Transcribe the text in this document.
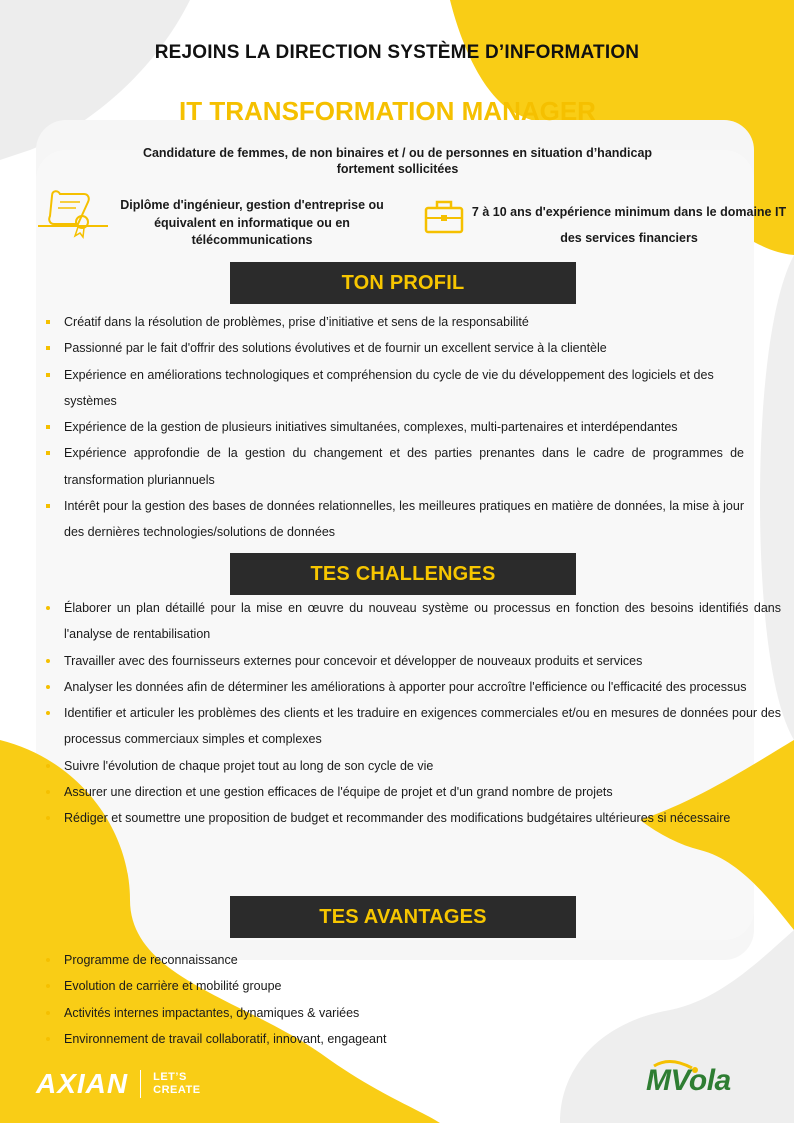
REJOINS LA DIRECTION SYSTÈME D’INFORMATION
IT TRANSFORMATION MANAGER
Candidature de femmes, de non binaires et / ou de personnes en situation d’handicap
fortement sollicitées
Diplôme d'ingénieur, gestion d'entreprise ou
équivalent en informatique ou en
télécommunications
7 à 10 ans d'expérience minimum dans le domaine IT
des services financiers
TON PROFIL
Créatif dans la résolution de problèmes, prise d’initiative et sens de la responsabilité
Passionné par le fait d'offrir des solutions évolutives et de fournir un excellent service à la clientèle
Expérience en améliorations technologiques et compréhension du cycle de vie du développement des logiciels et des systèmes
Expérience de la gestion de plusieurs initiatives simultanées, complexes, multi-partenaires et interdépendantes
Expérience approfondie de la gestion du changement et des parties prenantes dans le cadre de programmes de transformation pluriannuels
Intérêt pour la gestion des bases de données relationnelles, les meilleures pratiques en matière de données, la mise à jour des dernières technologies/solutions de données
TES CHALLENGES
Élaborer un plan détaillé pour la mise en œuvre du nouveau système ou processus en fonction des besoins identifiés dans l'analyse de rentabilisation
Travailler avec des fournisseurs externes pour concevoir et développer de nouveaux produits et services
Analyser les données afin de déterminer les améliorations à apporter pour accroître l'efficience ou l'efficacité des processus
Identifier et articuler les problèmes des clients et les traduire en exigences commerciales et/ou en mesures de données pour des processus commerciaux simples et complexes
Suivre l'évolution de chaque projet tout au long de son cycle de vie
Assurer une direction et une gestion efficaces de l'équipe de projet et d'un grand nombre de projets
Rédiger et soumettre une proposition de budget et recommander des modifications budgétaires ultérieures si nécessaire
TES AVANTAGES
Programme de reconnaissance
Evolution de carrière et mobilité groupe
Activités internes impactantes, dynamiques & variées
Environnement de travail collaboratif, innovant, engageant
AXIAN LET’S
CREATE	MVola
